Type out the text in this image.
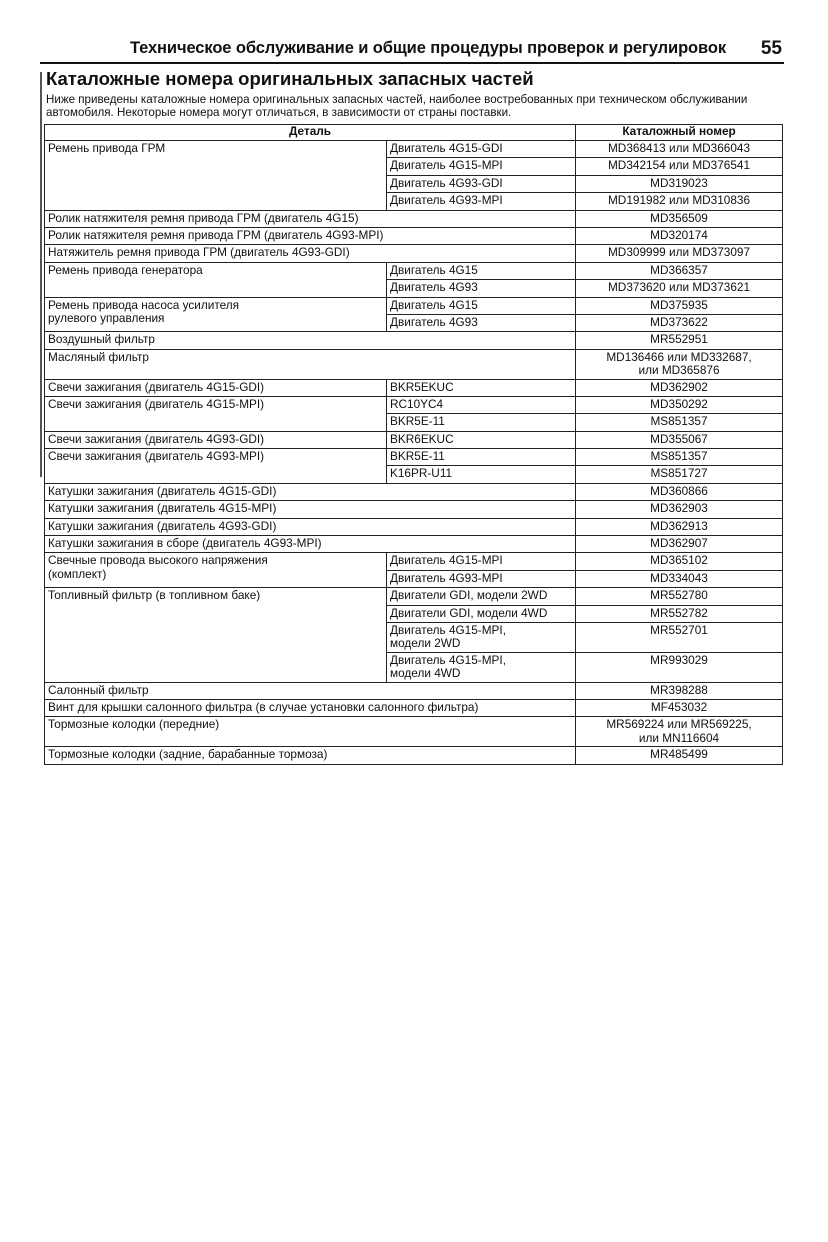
Техническое обслуживание и общие процедуры проверок и регулировок 55
Каталожные номера оригинальных запасных частей
Ниже приведены каталожные номера оригинальных запасных частей, наиболее востребованных при техническом обслуживании автомобиля. Некоторые номера могут отличаться, в зависимости от страны поставки.
Деталь		Каталожный номер
Ремень привода ГРМ	Двигатель 4G15-GDI	MD368413 или MD366043
	Двигатель 4G15-MPI	MD342154 или MD376541
	Двигатель 4G93-GDI	MD319023
	Двигатель 4G93-MPI	MD191982 или MD310836
Ролик натяжителя ремня привода ГРМ (двигатель 4G15)		MD356509
Ролик натяжителя ремня привода ГРМ (двигатель 4G93-MPI)		MD320174
Натяжитель ремня привода ГРМ (двигатель 4G93-GDI)		MD309999 или MD373097
Ремень привода генератора	Двигатель 4G15	MD366357
	Двигатель 4G93	MD373620 или MD373621
Ремень привода насоса усилителя
рулевого управления	Двигатель 4G15	MD375935
	Двигатель 4G93	MD373622
Воздушный фильтр		MR552951
Масляный фильтр		MD136466 или MD332687,
или MD365876
Свечи зажигания (двигатель 4G15-GDI)	BKR5EKUC	MD362902
Свечи зажигания (двигатель 4G15-MPI)	RC10YC4	MD350292
	BKR5E-11	MS851357
Свечи зажигания (двигатель 4G93-GDI)	BKR6EKUC	MD355067
Свечи зажигания (двигатель 4G93-MPI)	BKR5E-11	MS851357
	K16PR-U11	MS851727
Катушки зажигания (двигатель 4G15-GDI)		MD360866
Катушки зажигания (двигатель 4G15-MPI)		MD362903
Катушки зажигания (двигатель 4G93-GDI)		MD362913
Катушки зажигания в сборе (двигатель 4G93-MPI)		MD362907
Свечные провода высокого напряжения
(комплект)	Двигатель 4G15-MPI	MD365102
	Двигатель 4G93-MPI	MD334043
Топливный фильтр (в топливном баке)	Двигатели GDI, модели 2WD	MR552780
	Двигатели GDI, модели 4WD	MR552782
	Двигатель 4G15-MPI,
модели 2WD	MR552701
	Двигатель 4G15-MPI,
модели 4WD	MR993029
Салонный фильтр		MR398288
Винт для крышки салонного фильтра (в случае установки салонного фильтра)		MF453032
Тормозные колодки (передние)		MR569224 или MR569225,
или MN116604
Тормозные колодки (задние, барабанные тормоза)		MR485499
